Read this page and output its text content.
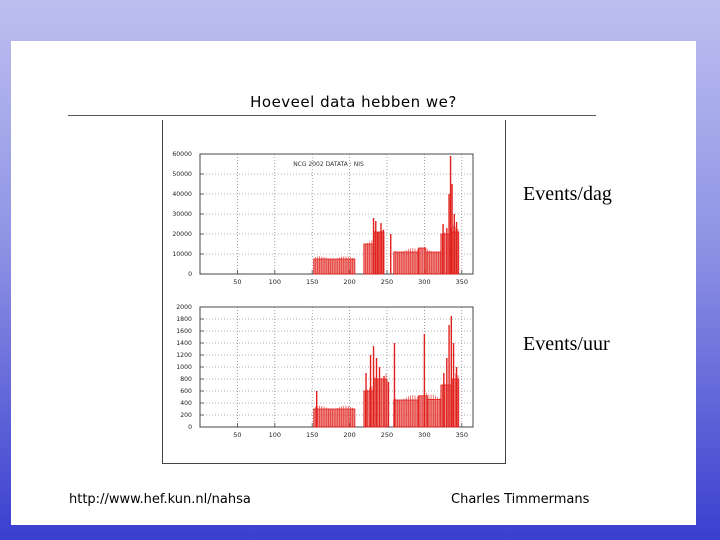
Hoeveel data hebben we?
0
10000
20000
30000
40000
50000
60000
50	100	150	200	250	300	350
NCG 2002 DATATA : NIS
0
200
400
600
800
1000
1200
1400
1600
1800
2000
50	100	150	200	250	300	350
Events/dag
Events/uur
http://www.hef.kun.nl/nahsa	Charles Timmermans
